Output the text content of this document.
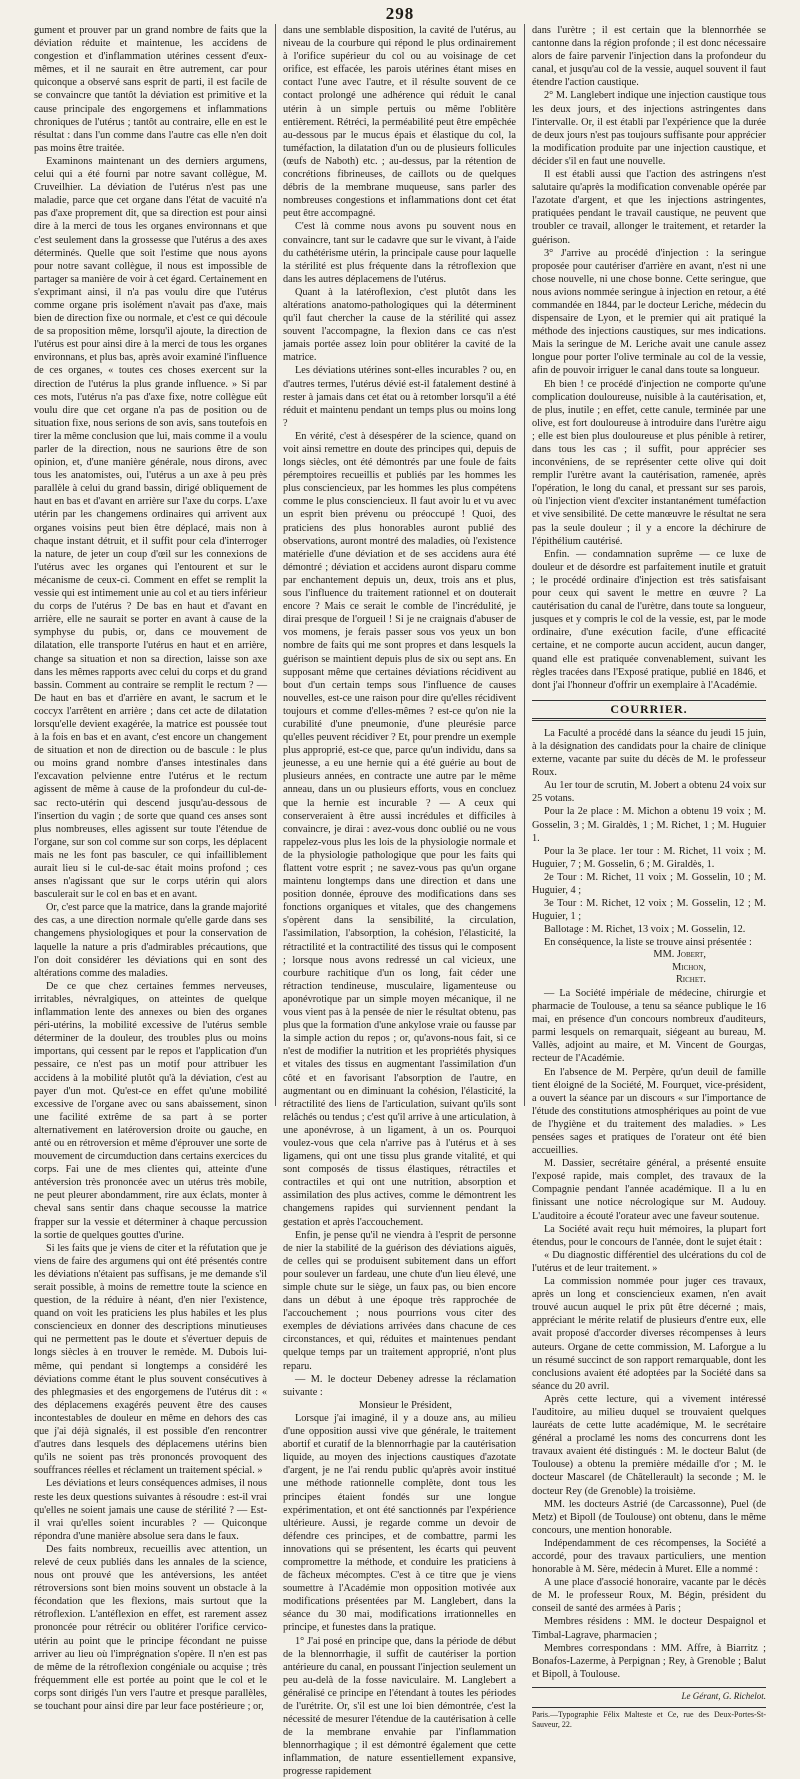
298

gument et prouver par un grand nombre de faits que la déviation réduite et maintenue, les accidens de congestion et d'inflammation utérines cessent d'eux-mêmes, et il ne saurait en être autrement, car pour quiconque a observé sans esprit de parti, il est facile de se convaincre que tantôt la déviation est primitive et la cause principale des engorgemens et inflammations chroniques de l'utérus ; tantôt au contraire, elle en est le résultat : dans l'un comme dans l'autre cas elle n'en doit pas moins être traitée.

Examinons maintenant un des derniers argumens, celui qui a été fourni par notre savant collègue, M. Cruveilhier. La déviation de l'utérus n'est pas une maladie, parce que cet organe dans l'état de vacuité n'a pas d'axe proprement dit, que sa direction est pour ainsi dire à la merci de tous les organes environnans et que c'est seulement dans la grossesse que l'utérus a des axes déterminés. Quelle que soit l'estime que nous ayons pour notre savant collègue, il nous est impossible de partager sa manière de voir à cet égard. Certainement en s'exprimant ainsi, il n'a pas voulu dire que l'utérus comme organe pris isolément n'avait pas d'axe, mais bien de direction fixe ou normale, et c'est ce qui découle de sa proposition même, lorsqu'il ajoute, la direction de l'utérus est pour ainsi dire à la merci de tous les organes environnans, et plus bas, après avoir examiné l'influence de ces organes, « toutes ces choses exercent sur la direction de l'utérus la plus grande influence. » Si par ces mots, l'utérus n'a pas d'axe fixe, notre collègue eût voulu dire que cet organe n'a pas de position ou de situation fixe, nous serions de son avis, sans toutefois en tirer la même conclusion que lui, mais comme il a voulu parler de la direction, nous ne saurions être de son opinion, et, d'une manière générale, nous dirons, avec tous les anatomistes, oui, l'utérus a un axe à peu près parallèle à celui du grand bassin, dirigé obliquement de haut en bas et d'avant en arrière sur l'axe du corps. L'axe utérin par les changemens ordinaires qui arrivent aux organes voisins peut bien être déplacé, mais non à chaque instant détruit, et il suffit pour cela d'interroger la nature, de jeter un coup d'œil sur les connexions de l'utérus avec les organes qui l'entourent et sur le mécanisme de ceux-ci. Comment en effet se remplit la vessie qui est intimement unie au col et au tiers inférieur du corps de l'utérus ? De bas en haut et d'avant en arrière, elle ne saurait se porter en avant à cause de la symphyse du pubis, or, dans ce mouvement de dilatation, elle transporte l'utérus en haut et en arrière, change sa situation et non sa direction, laisse son axe dans les mêmes rapports avec celui du corps et du grand bassin. Comment au contraire se remplit le rectum ? — De haut en bas et d'arrière en avant, le sacrum et le coccyx l'arrêtent en arrière ; dans cet acte de dilatation lorsqu'elle devient exagérée, la matrice est poussée tout à la fois en bas et en avant, c'est encore un changement de situation et non de direction ou de bascule : le plus ou moins grand nombre d'anses intestinales dans l'excavation pelvienne entre l'utérus et le rectum agissent de même à cause de la profondeur du cul-de-sac recto-utérin qui descend jusqu'au-dessous de l'insertion du vagin ; de sorte que quand ces anses sont plus nombreuses, elles agissent sur toute l'étendue de l'organe, sur son col comme sur son corps, les déplacent mais ne les font pas basculer, ce qui infailliblement aurait lieu si le cul-de-sac était moins profond ; ces anses n'agissant que sur le corps utérin qui alors basculerait sur le col en bas et en avant.

Or, c'est parce que la matrice, dans la grande majorité des cas, a une direction normale qu'elle garde dans ses changemens physiologiques et pour la conservation de laquelle la nature a pris d'admirables précautions, que l'on doit considérer les déviations qui en sont des altérations comme des maladies.

De ce que chez certaines femmes nerveuses, irritables, névralgiques, on atteintes de quelque inflammation lente des annexes ou bien des organes péri-utérins, la mobilité excessive de l'utérus semble déterminer de la douleur, des troubles plus ou moins importans, qui cessent par le repos et l'application d'un pessaire, ce n'est pas un motif pour attribuer les accidens à la mobilité plutôt qu'à la déviation, c'est au payer d'un mot. Qu'est-ce en effet qu'une mobilité excessive de l'organe avec ou sans abaissement, sinon une facilité extrême de sa part à se porter alternativement en latéroversion droite ou gauche, en anté ou en rétroversion et même d'éprouver une sorte de mouvement de circumduction dans certains exercices du corps. Fai une de mes clientes qui, atteinte d'une antéversion très prononcée avec un utérus très mobile, ne peut pleurer abondamment, rire aux éclats, monter à cheval sans sentir dans chaque secousse la matrice frapper sur la vessie et déterminer à chaque percussion la sortie de quelques gouttes d'urine.

Si les faits que je viens de citer et la réfutation que je viens de faire des argumens qui ont été présentés contre les déviations n'étaient pas suffisans, je me demande s'il serait possible, à moins de remettre toute la science en question, de la réduire à néant, d'en nier l'existence, quand on voit les praticiens les plus habiles et les plus consciencieux en donner des descriptions minutieuses qui ne permettent pas le doute et s'évertuer depuis de longs siècles à en trouver le remède. M. Dubois lui-même, qui pendant si longtemps a considéré les déviations comme étant le plus souvent consécutives à des phlegmasies et des engorgemens de l'utérus dit : « des déplacemens exagérés peuvent être des causes incontestables de douleur en même en dehors des cas que j'ai déjà signalés, il est possible d'en rencontrer d'autres dans lesquels des déplacemens utérins bien qu'ils ne soient pas très prononcés provoquent des souffrances réelles et réclament un traitement spécial. »

Les déviations et leurs conséquences admises, il nous reste les deux questions suivantes à résoudre : est-il vrai qu'elles ne soient jamais une cause de stérilité ? — Est-il vrai qu'elles soient incurables ? — Quiconque répondra d'une manière absolue sera dans le faux.

Des faits nombreux, recueillis avec attention, un relevé de ceux publiés dans les annales de la science, nous ont prouvé que les antéversions, les antéet rétroversions sont bien moins souvent un obstacle à la fécondation que les flexions, mais surtout que la rétroflexion. L'antéflexion en effet, est rarement assez prononcée pour rétrécir ou oblitérer l'orifice cervico-utérin au point que le principe fécondant ne puisse arriver au lieu où l'imprégnation s'opère. Il n'en est pas de même de la rétroflexion congéniale ou acquise ; très fréquemment elle est portée au point que le col et le corps sont dirigés l'un vers l'autre et presque parallèles, se touchant pour ainsi dire par leur face postérieure ; or,

dans une semblable disposition, la cavité de l'utérus, au niveau de la courbure qui répond le plus ordinairement à l'orifice supérieur du col ou au voisinage de cet orifice, est effacée, les parois utérines étant mises en contact l'une avec l'autre, et il résulte souvent de ce contact prolongé une adhérence qui réduit le canal utérin à un simple pertuis ou même l'oblitère entièrement. Rétréci, la perméabilité peut être empêchée au-dessous par le mucus épais et élastique du col, la tuméfaction, la dilatation d'un ou de plusieurs follicules (œufs de Naboth) etc. ; au-dessus, par la rétention de concrétions fibrineuses, de caillots ou de quelques débris de la membrane muqueuse, sans parler des nombreuses congestions et inflammations dont cet état peut être accompagné.

C'est là comme nous avons pu souvent nous en convaincre, tant sur le cadavre que sur le vivant, à l'aide du cathétérisme utérin, la principale cause pour laquelle la stérilité est plus fréquente dans la rétroflexion que dans les autres déplacemens de l'utérus.

Quant à la latéroflexion, c'est plutôt dans les altérations anatomo-pathologiques qui la déterminent qu'il faut chercher la cause de la stérilité qui assez souvent l'accompagne, la flexion dans ce cas n'est jamais portée assez loin pour oblitérer la cavité de la matrice.

Les déviations utérines sont-elles incurables ? ou, en d'autres termes, l'utérus dévié est-il fatalement destiné à rester à jamais dans cet état ou à retomber lorsqu'il a été réduit et maintenu pendant un temps plus ou moins long ?

En vérité, c'est à désespérer de la science, quand on voit ainsi remettre en doute des principes qui, depuis de longs siècles, ont été démontrés par une foule de faits péremptoires recueillis et publiés par les hommes les plus consciencieux, par les hommes les plus compétens comme le plus consciencieux. Il faut avoir lu et vu avec un esprit bien prévenu ou préoccupé ! Quoi, des praticiens des plus honorables auront publié des observations, auront montré des maladies, où l'existence matérielle d'une déviation et de ses accidens aura été démontré ; déviation et accidens auront disparu comme par enchantement depuis un, deux, trois ans et plus, sous l'influence du traitement rationnel et on douterait encore ? Mais ce serait le comble de l'incrédulité, je dirai presque de l'orgueil ! Si je ne craignais d'abuser de vos momens, je ferais passer sous vos yeux un bon nombre de faits qui me sont propres et dans lesquels la guérison se maintient depuis plus de six ou sept ans. En supposant même que certaines déviations récidivent au bout d'un certain temps sous l'influence de causes nouvelles, est-ce une raison pour dire qu'elles récidivent toujours et comme d'elles-mêmes ? est-ce qu'on nie la curabilité d'une pneumonie, d'une pleurésie parce qu'elles peuvent récidiver ? Et, pour prendre un exemple plus approprié, est-ce que, parce qu'un individu, dans sa jeunesse, a eu une hernie qui a été guérie au bout de plusieurs années, en contracte une autre par le même anneau, dans un ou plusieurs efforts, vous en concluez que la hernie est incurable ? — A ceux qui conserveraient à être aussi incrédules et difficiles à convaincre, je dirai : avez-vous donc oublié ou ne vous rappelez-vous plus les lois de la physiologie normale et de la physiologie pathologique que pour les faits qui flattent votre esprit ; ne savez-vous pas qu'un organe maintenu longtemps dans une direction et dans une position donnée, éprouve des modifications dans ses fonctions organiques et vitales, que des changemens s'opèrent dans la sensibilité, la circulation, l'assimilation, l'absorption, la cohésion, l'élasticité, la rétractilité et la contractilité des tissus qui le composent ; lorsque nous avons redressé un cal vicieux, une courbure rachitique d'un os long, fait céder une rétraction tendineuse, musculaire, ligamenteuse ou aponévrotique par un simple moyen mécanique, il ne vous vient pas à la pensée de nier le résultat obtenu, pas plus que la formation d'une ankylose vraie ou fausse par la simple action du repos ; or, qu'avons-nous fait, si ce n'est de modifier la nutrition et les propriétés physiques et vitales des tissus en augmentant l'assimilation d'un côté et en favorisant l'absorption de l'autre, en augmentant ou en diminuant la cohésion, l'élasticité, la rétractilité des liens de l'articulation, suivant qu'ils sont relâchés ou tendus ; c'est qu'il arrive à une articulation, à une aponévrose, à un ligament, à un os. Pourquoi voulez-vous que cela n'arrive pas à l'utérus et à ses ligamens, qui ont une tissu plus grande vitalité, et qui sont composés de tissus élastiques, rétractiles et contractiles et qui ont une nutrition, absorption et assimilation des plus actives, comme le démontrent les changemens rapides qui surviennent pendant la gestation et après l'accouchement.

Enfin, je pense qu'il ne viendra à l'esprit de personne de nier la stabilité de la guérison des déviations aiguës, de celles qui se produisent subitement dans un effort pour soulever un fardeau, une chute d'un lieu élevé, une simple chute sur le siège, un faux pas, ou bien encore dans un début à une époque très rapprochée de l'accouchement ; nous pourrions vous citer des exemples de déviations arrivées dans chacune de ces circonstances, et qui, réduites et maintenues pendant quelque temps par un traitement approprié, n'ont plus reparu.

— M. le docteur Debeney adresse la réclamation suivante :

Monsieur le Président,

Lorsque j'ai imaginé, il y a douze ans, au milieu d'une opposition aussi vive que générale, le traitement abortif et curatif de la blennorrhagie par la cautérisation liquide, au moyen des injections caustiques d'azotate d'argent, je ne l'ai rendu public qu'après avoir institué une méthode rationnelle complète, dont tous les principes étaient fondés sur une longue expérimentation, et ont été sanctionnés par l'expérience ultérieure. Aussi, je regarde comme un devoir de défendre ces principes, et de combattre, parmi les innovations qui se présentent, les écarts qui peuvent compromettre la méthode, et conduire les praticiens à de fâcheux mécomptes. C'est à ce titre que je viens soumettre à l'Académie mon opposition motivée aux modifications présentées par M. Langlebert, dans la séance du 30 mai, modifications irrationnelles en principe, et funestes dans la pratique.

1° J'ai posé en principe que, dans la période de début de la blennorrhagie, il suffit de cautériser la portion antérieure du canal, en poussant l'injection seulement un peu au-delà de la fosse naviculaire. M. Langlebert a généralisé ce principe en l'étendant à toutes les périodes de l'urétrite. Or, s'il est une loi bien démontrée, c'est la nécessité de mesurer l'étendue de la cautérisation à celle de la membrane envahie par l'inflammation blennorrhagique ; il est démontré également que cette inflammation, de nature essentiellement expansive, progresse rapidement

dans l'urètre ; il est certain que la blennorrhée se cantonne dans la région profonde ; il est donc nécessaire alors de faire parvenir l'injection dans la profondeur du canal, et jusqu'au col de la vessie, auquel souvent il faut étendre l'action caustique.

2° M. Langlebert indique une injection caustique tous les deux jours, et des injections astringentes dans l'intervalle. Or, il est établi par l'expérience que la durée de deux jours n'est pas toujours suffisante pour apprécier la modification produite par une injection caustique, et décider s'il en faut une nouvelle.

Il est établi aussi que l'action des astringens n'est salutaire qu'après la modification convenable opérée par l'azotate d'argent, et que les injections astringentes, pratiquées pendant le travail caustique, ne peuvent que troubler ce travail, allonger le traitement, et retarder la guérison.

3° J'arrive au procédé d'injection : la seringue proposée pour cautériser d'arrière en avant, n'est ni une chose nouvelle, ni une chose bonne. Cette seringue, que nous avions nommée seringue à injection en retour, a été commandée en 1844, par le docteur Leriche, médecin du dispensaire de Lyon, et le premier qui ait pratiqué la méthode des injections caustiques, sur mes indications. Mais la seringue de M. Leriche avait une canule assez longue pour porter l'olive terminale au col de la vessie, afin de pouvoir irriguer le canal dans toute sa longueur.

Eh bien ! ce procédé d'injection ne comporte qu'une complication douloureuse, nuisible à la cautérisation, et, de plus, inutile ; en effet, cette canule, terminée par une olive, est fort douloureuse à introduire dans l'urètre aigu ; elle est bien plus douloureuse et plus pénible à retirer, dans tous les cas ; il suffit, pour apprécier ses inconvéniens, de se représenter cette olive qui doit remplir l'urètre avant la cautérisation, ramenée, après l'opération, le long du canal, et pressant sur ses parois, où l'injection vient d'exciter instantanément tuméfaction et vive sensibilité. De cette manœuvre le résultat ne sera pas la seule douleur ; il y a encore la déchirure de l'épithélium cautérisé.

Enfin. — condamnation suprême — ce luxe de douleur et de désordre est parfaitement inutile et gratuit ; le procédé ordinaire d'injection est très satisfaisant pour ceux qui savent le mettre en œuvre ? La cautérisation du canal de l'urètre, dans toute sa longueur, jusques et y compris le col de la vessie, est, par le mode ordinaire, d'une exécution facile, d'une efficacité certaine, et ne comporte aucun accident, aucun danger, quand elle est pratiquée convenablement, suivant les règles tracées dans l'Exposé pratique, publié en 1846, et dont j'ai l'honneur d'offrir un exemplaire à l'Académie.

COURRIER.

La Faculté a procédé dans la séance du jeudi 15 juin, à la désignation des candidats pour la chaire de clinique externe, vacante par suite du décès de M. le professeur Roux.

Au 1er tour de scrutin, M. Jobert a obtenu 24 voix sur 25 votans.

Pour la 2e place : M. Michon a obtenu 19 voix ; M. Gosselin, 3 ; M. Giraldès, 1 ; M. Richet, 1 ; M. Huguier 1.

Pour la 3e place. 1er tour : M. Richet, 11 voix ; M. Huguier, 7 ; M. Gosselin, 6 ; M. Giraldès, 1.

2e Tour : M. Richet, 11 voix ; M. Gosselin, 10 ; M. Huguier, 4 ;

3e Tour : M. Richet, 12 voix ; M. Gosselin, 12 ; M. Huguier, 1 ;

Ballotage : M. Richet, 13 voix ; M. Gosselin, 12.

En conséquence, la liste se trouve ainsi présentée :

MM. Jobert,
Michon,
Richet.

— La Société impériale de médecine, chirurgie et pharmacie de Toulouse, a tenu sa séance publique le 16 mai, en présence d'un concours nombreux d'auditeurs, parmi lesquels on remarquait, siégeant au bureau, M. Vallès, adjoint au maire, et M. Vincent de Gourgas, recteur de l'Académie.

En l'absence de M. Perpère, qu'un deuil de famille tient éloigné de la Société, M. Fourquet, vice-président, a ouvert la séance par un discours « sur l'importance de l'étude des constitutions atmosphériques au point de vue de l'hygiène et du traitement des maladies. » Les pensées sages et pratiques de l'orateur ont été bien accueillies.

M. Dassier, secrétaire général, a présenté ensuite l'exposé rapide, mais complet, des travaux de la Compagnie pendant l'année académique. Il a lu en finissant une notice nécrologique sur M. Audouy. L'auditoire a écouté l'orateur avec une faveur soutenue.

La Société avait reçu huit mémoires, la plupart fort étendus, pour le concours de l'année, dont le sujet était :

« Du diagnostic différentiel des ulcérations du col de l'utérus et de leur traitement. »

La commission nommée pour juger ces travaux, après un long et consciencieux examen, n'en avait trouvé aucun auquel le prix pût être décerné ; mais, appréciant le mérite relatif de plusieurs d'entre eux, elle avait proposé d'accorder diverses récompenses à leurs auteurs. Organe de cette commission, M. Laforgue a lu un résumé succinct de son rapport remarquable, dont les conclusions avaient été adoptées par la Société dans sa séance du 20 avril.

Après cette lecture, qui a vivement intéressé l'auditoire, au milieu duquel se trouvaient quelques lauréats de cette lutte académique, M. le secrétaire général a proclamé les noms des concurrens dont les travaux avaient été distingués : M. le docteur Balut (de Toulouse) a obtenu la première médaille d'or ; M. le docteur Mascarel (de Châtellerault) la seconde ; M. le docteur Rey (de Grenoble) la troisième.

MM. les docteurs Astrié (de Carcassonne), Puel (de Metz) et Bipoll (de Toulouse) ont obtenu, dans le même concours, une mention honorable.

Indépendamment de ces récompenses, la Société a accordé, pour des travaux particuliers, une mention honorable à M. Sère, médecin à Muret. Elle a nommé :

A une place d'associé honoraire, vacante par le décès de M. le professeur Roux, M. Bégin, président du conseil de santé des armées à Paris ;

Membres résidens : MM. le docteur Despaignol et Timbal-Lagrave, pharmacien ;

Membres correspondans : MM. Affre, à Biarritz ; Bonafos-Lazerme, à Perpignan ; Rey, à Grenoble ; Balut et Bipoll, à Toulouse.

Le Gérant, G. Richelot.
Paris.—Typographie Félix Malteste et Ce, rue des Deux-Portes-St-Sauveur, 22.
